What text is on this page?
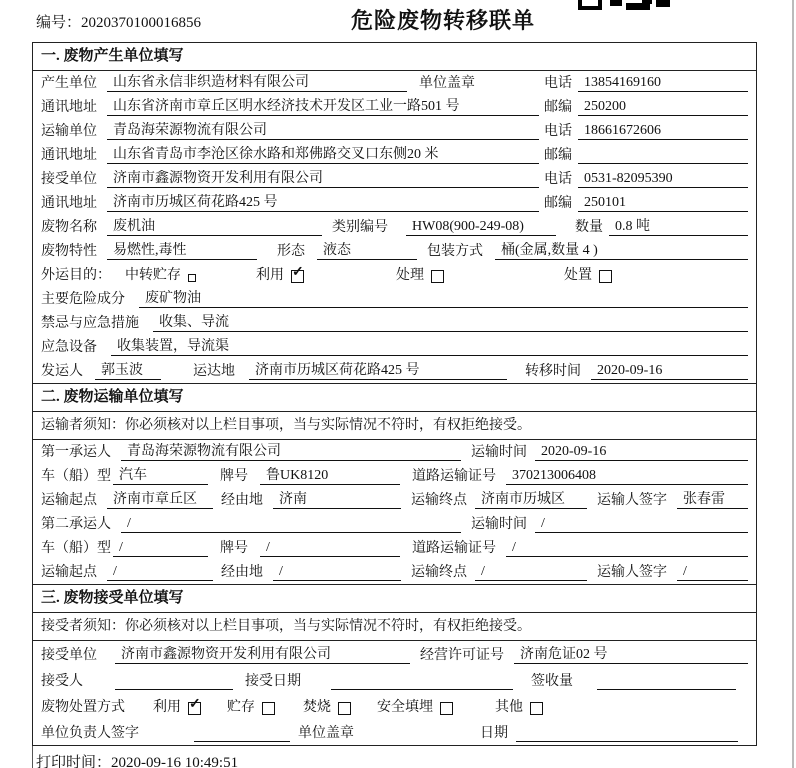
编号：2020370100016856	危险废物转移联单
一. 废物产生单位填写
产生单位	山东省永信非织造材料有限公司	单位盖章	电话 13854169160
通讯地址	山东省济南市章丘区明水经济技术开发区工业一路501 号	邮编 250200
运输单位	青岛海荣源物流有限公司	电话 18661672606
通讯地址	山东省青岛市李沧区徐水路和郑佛路交叉口东侧20 米	邮编
接受单位	济南市鑫源物资开发利用有限公司	电话 0531-82095390
通讯地址	济南市历城区荷花路425 号	邮编 250101
废物名称	废机油	类别编号	HW08(900-249-08)	数量 0.8 吨
废物特性	易燃性,毒性	形态	液态	包装方式	桶(金属,数量 4 )
外运目的： 中转贮存	利用 ✓	处理	处置
主要危险成分	废矿物油
禁忌与应急措施	收集、导流
应急设备	收集装置，导流渠
发运人	郭玉波	运达地	济南市历城区荷花路425 号	转移时间	2020-09-16
二. 废物运输单位填写
运输者须知：你必须核对以上栏目事项，当与实际情况不符时，有权拒绝接受。
第一承运人	青岛海荣源物流有限公司	运输时间	2020-09-16
车（船）型 汽车	牌号	鲁UK8120	道路运输证号	370213006408
运输起点	济南市章丘区	经由地	济南	运输终点	济南市历城区	运输人签字	张春雷
第二承运人	/	运输时间	/
车（船）型 /	牌号	/	道路运输证号	/
运输起点	/	经由地	/	运输终点	/	运输人签字	/
三. 废物接受单位填写
接受者须知：你必须核对以上栏目事项，当与实际情况不符时，有权拒绝接受。
接受单位	济南市鑫源物资开发利用有限公司	经营许可证号	济南危证02 号
接受人	接受日期	签收量
废物处置方式 利用 ✓ 贮存	焚烧	安全填埋	其他
单位负责人签字	单位盖章	日期
打印时间：2020-09-16 10:49:51
